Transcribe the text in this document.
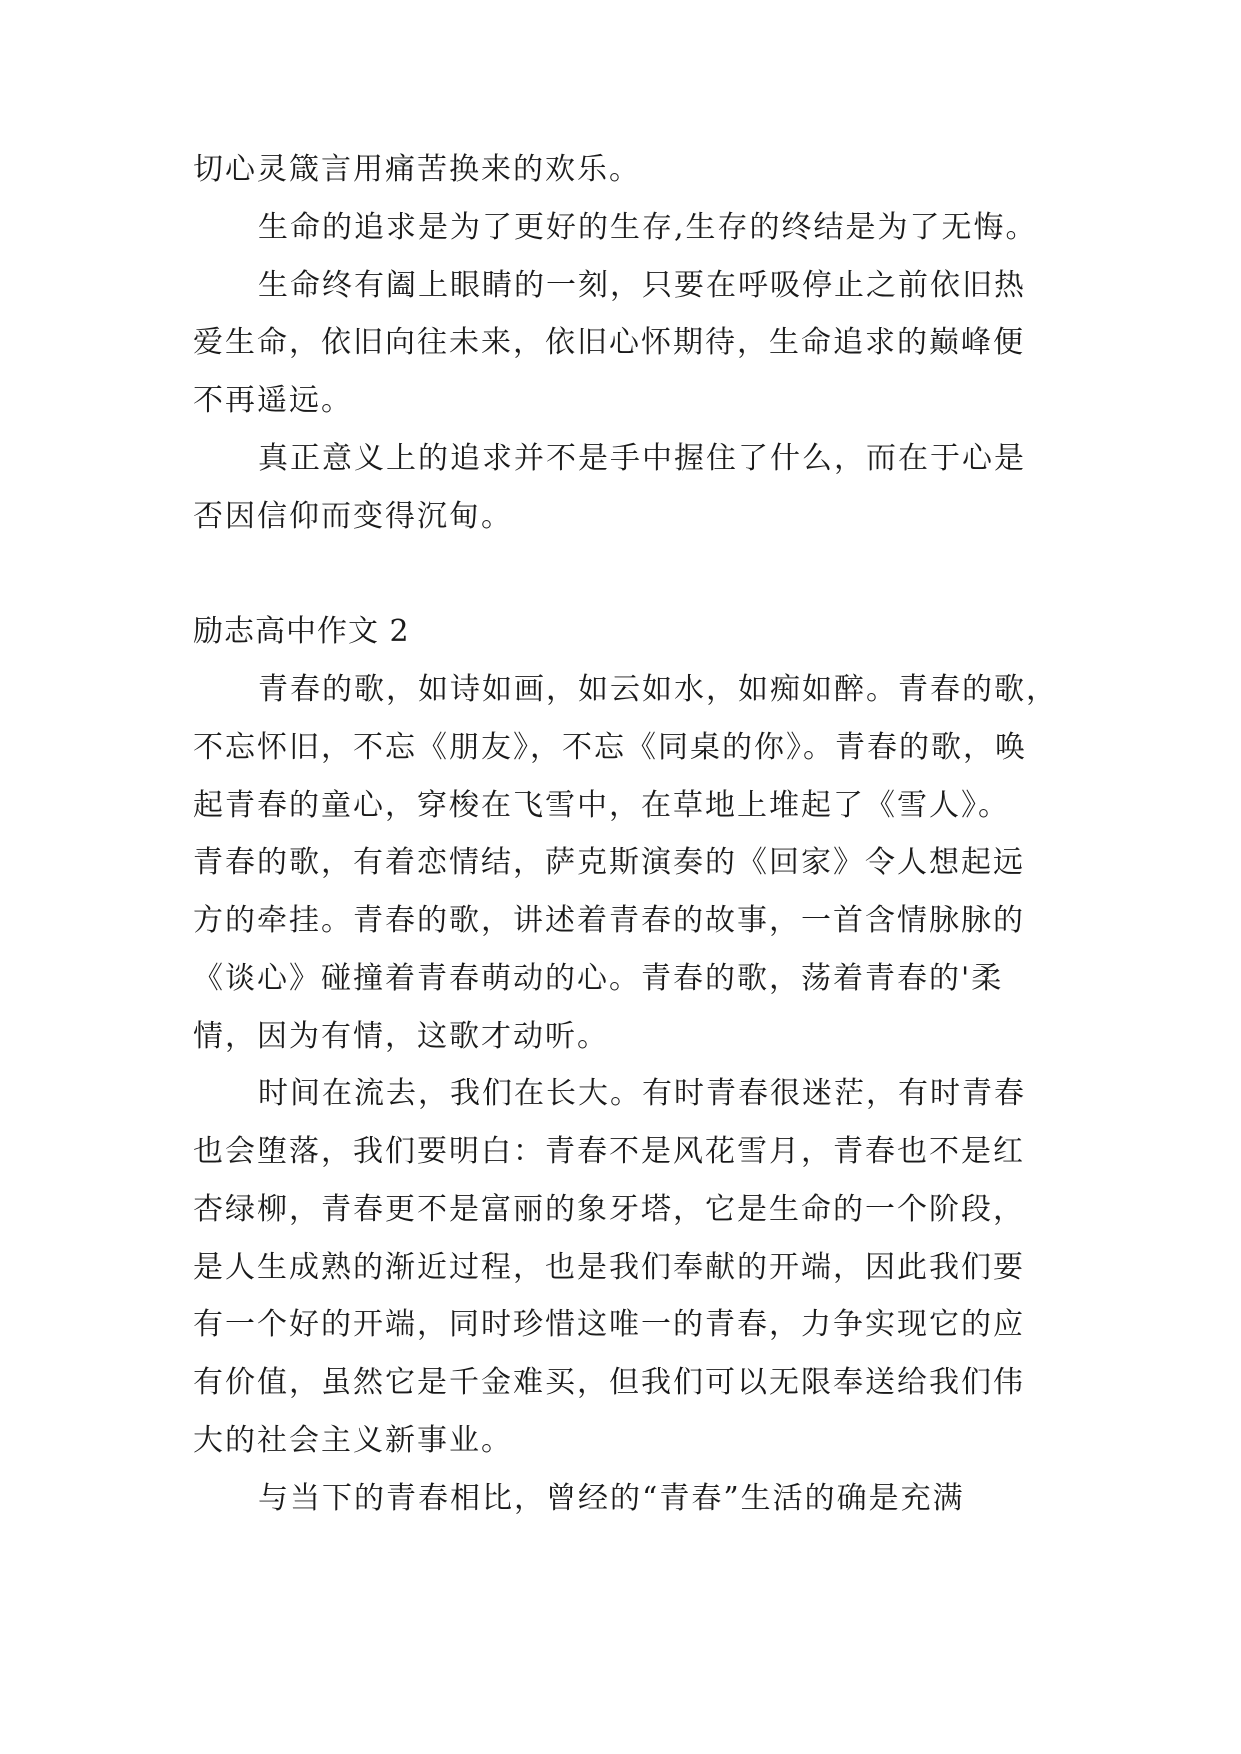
切心灵箴言用痛苦换来的欢乐。
生命的追求是为了更好的生存,生存的终结是为了无悔。
生命终有阖上眼睛的一刻，只要在呼吸停止之前依旧热
爱生命，依旧向往未来，依旧心怀期待，生命追求的巅峰便
不再遥远。
真正意义上的追求并不是手中握住了什么，而在于心是
否因信仰而变得沉甸。
励志高中作文 2
青春的歌，如诗如画，如云如水，如痴如醉。青春的歌，
不忘怀旧，不忘《朋友》，不忘《同桌的你》。青春的歌，唤
起青春的童心，穿梭在飞雪中，在草地上堆起了《雪人》。
青春的歌，有着恋情结，萨克斯演奏的《回家》令人想起远
方的牵挂。青春的歌，讲述着青春的故事，一首含情脉脉的
《谈心》碰撞着青春萌动的心。青春的歌，荡着青春的'柔
情，因为有情，这歌才动听。
时间在流去，我们在长大。有时青春很迷茫，有时青春
也会堕落，我们要明白：青春不是风花雪月，青春也不是红
杏绿柳，青春更不是富丽的象牙塔，它是生命的一个阶段，
是人生成熟的渐近过程，也是我们奉献的开端，因此我们要
有一个好的开端，同时珍惜这唯一的青春，力争实现它的应
有价值，虽然它是千金难买，但我们可以无限奉送给我们伟
大的社会主义新事业。
与当下的青春相比，曾经的“青春”生活的确是充满
